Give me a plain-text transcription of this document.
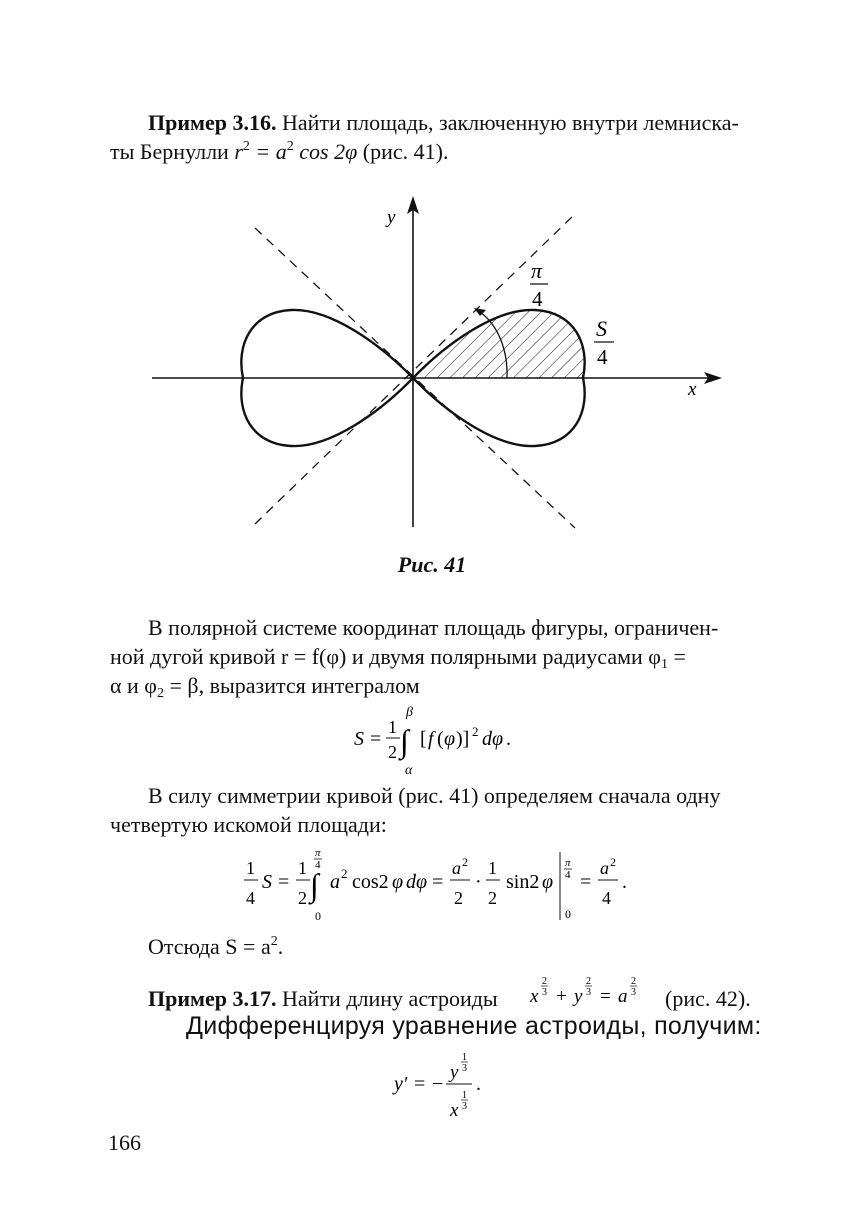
Пример 3.16. Найти площадь, заключенную внутри лемниска-
ты Бернулли $r^2 = a^2$ cos 2φ (рис. 41).
y
x
π
4
S
4
Рис. 41
В полярной системе координат площадь фигуры, ограничен-
ной дугой кривой r = f(φ) и двумя полярными радиусами $\varphi_1$ =
α и $\varphi_2 = \beta$, выразится интегралом
S =
1
2 ∫
β
α
[ f ( φ )] 2 dφ .
В силу симметрии кривой (рис. 41) определяем сначала одну
четвертую искомой площади:
1
4
S =
1
2 ∫
π
4
0
a 2 cos2 φ dφ =
a 2
2
·
1
2
sin2 φ
π
4
0
=
a 2
4
.
Отсюда $S = a^2$.
Пример 3.17. Найти длину астроиды	x
2
3 + y
2
3 = a
2
3 (рис. 42).
Дифференцируя уравнение астроиды, получим:
y′ = −
y
1
3
x
1
3
.
166
